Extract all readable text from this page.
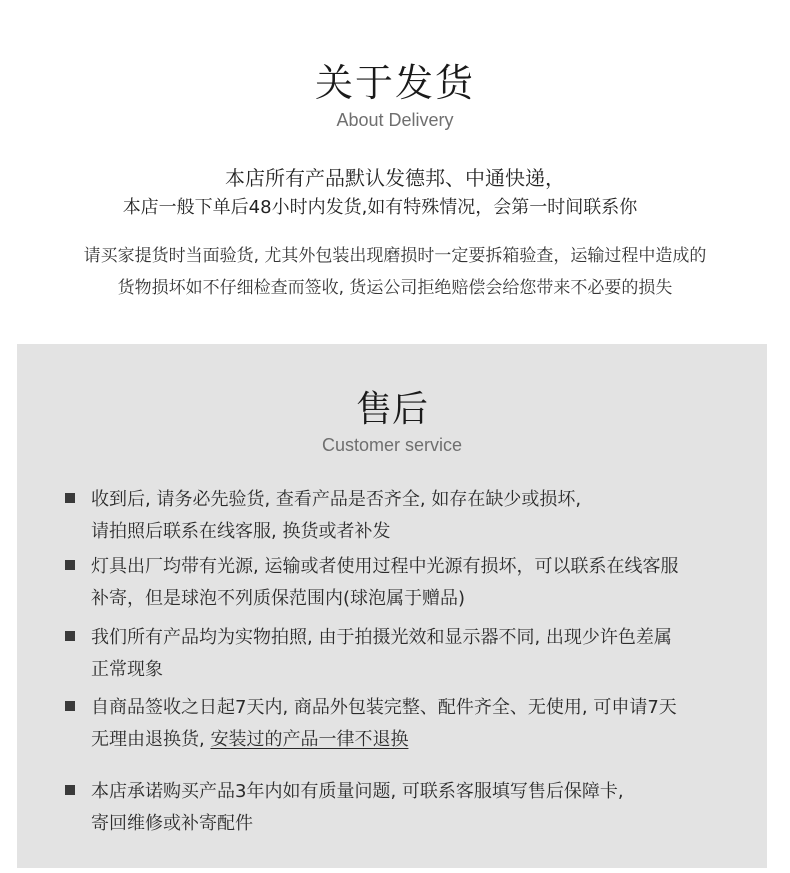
关于发货
About Delivery
本店所有产品默认发德邦、中通快递，
本店一般下单后48小时内发货,如有特殊情况，会第一时间联系你
请买家提货时当面验货, 尤其外包装出现磨损时一定要拆箱验查，运输过程中造成的
货物损坏如不仔细检查而签收, 货运公司拒绝赔偿会给您带来不必要的损失
售后
Customer service
收到后, 请务必先验货, 查看产品是否齐全, 如存在缺少或损坏,
请拍照后联系在线客服, 换货或者补发
灯具出厂均带有光源, 运输或者使用过程中光源有损坏，可以联系在线客服
补寄，但是球泡不列质保范围内(球泡属于赠品)
我们所有产品均为实物拍照, 由于拍摄光效和显示器不同, 出现少许色差属
正常现象
自商品签收之日起7天内, 商品外包装完整、配件齐全、无使用, 可申请7天
无理由退换货, 安装过的产品一律不退换
本店承诺购买产品3年内如有质量问题, 可联系客服填写售后保障卡,
寄回维修或补寄配件
